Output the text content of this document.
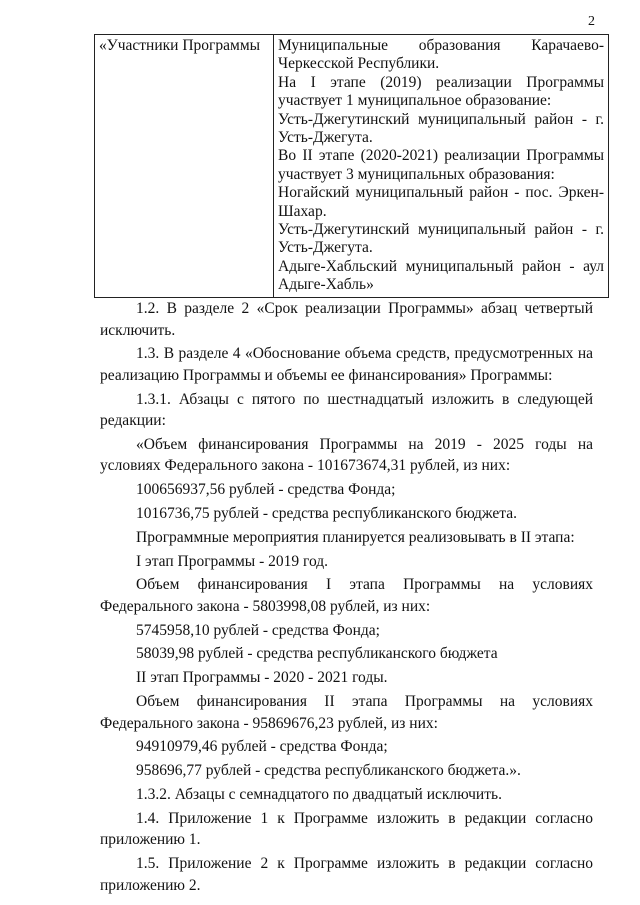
2
«Участники Программы	Муниципальные образования Карачаево-Черкесской Республики.

На I этапе (2019) реализации Программы участвует 1 муниципальное образование:

Усть-Джегутинский муниципальный район - г. Усть-Джегута.

Во II этапе (2020-2021) реализации Программы участвует 3 муниципальных образования:

Ногайский муниципальный район - пос. Эркен-Шахар.

Усть-Джегутинский муниципальный район - г. Усть-Джегута.

Адыге-Хабльский муниципальный район - аул Адыге-Хабль»

1.2. В разделе 2 «Срок реализации Программы» абзац четвертый исключить.

1.3. В разделе 4 «Обоснование объема средств, предусмотренных на реализацию Программы и объемы ее финансирования» Программы:

1.3.1. Абзацы с пятого по шестнадцатый изложить в следующей редакции:

«Объем финансирования Программы на 2019 - 2025 годы на условиях Федерального закона - 101673674,31 рублей, из них:

100656937,56 рублей - средства Фонда;

1016736,75 рублей - средства республиканского бюджета.

Программные мероприятия планируется реализовывать в II этапа:

I этап Программы - 2019 год.

Объем финансирования I этапа Программы на условиях Федерального закона - 5803998,08 рублей, из них:

5745958,10 рублей - средства Фонда;

58039,98 рублей - средства республиканского бюджета

II этап Программы - 2020 - 2021 годы.

Объем финансирования II этапа Программы на условиях Федерального закона - 95869676,23 рублей, из них:

94910979,46 рублей - средства Фонда;

958696,77 рублей - средства республиканского бюджета.».

1.3.2. Абзацы с семнадцатого по двадцатый исключить.

1.4. Приложение 1 к Программе изложить в редакции согласно приложению 1.

1.5. Приложение 2 к Программе изложить в редакции согласно приложению 2.
